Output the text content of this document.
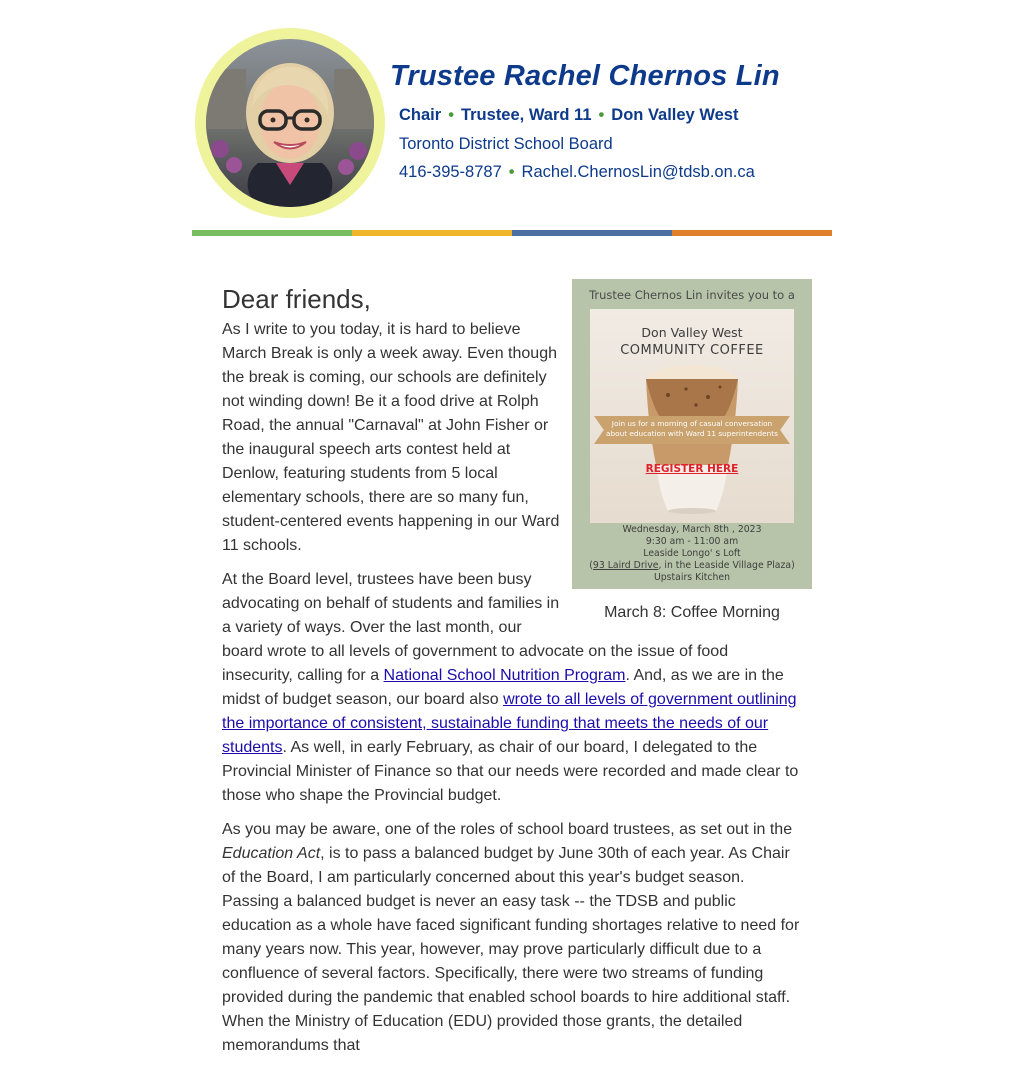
Trustee Rachel Chernos Lin
Chair • Trustee, Ward 11 • Don Valley West
Toronto District School Board
416-395-8787 • Rachel.ChernosLin@tdsb.on.ca
Trustee Chernos Lin invites you to a
Don Valley West
COMMUNITY COFFEE
Join us for a morning of casual conversation
about education with Ward 11 superintendents
REGISTER HERE
Wednesday, March 8th , 2023
9:30 am - 11:00 am
Leaside Longo' s Loft
(93 Laird Drive, in the Leaside Village Plaza)
Upstairs Kitchen
March 8: Coffee Morning
Dear friends,

As I write to you today, it is hard to believe March Break is only a week away. Even though the break is coming, our schools are definitely not winding down! Be it a food drive at Rolph Road, the annual "Carnaval" at John Fisher or the inaugural speech arts contest held at Denlow, featuring students from 5 local elementary schools, there are so many fun, student-centered events happening in our Ward 11 schools.

At the Board level, trustees have been busy advocating on behalf of students and families in a variety of ways. Over the last month, our board wrote to all levels of government to advocate on the issue of food insecurity, calling for a National School Nutrition Program. And, as we are in the midst of budget season, our board also wrote to all levels of government outlining the importance of consistent, sustainable funding that meets the needs of our students. As well, in early February, as chair of our board, I delegated to the Provincial Minister of Finance so that our needs were recorded and made clear to those who shape the Provincial budget.

As you may be aware, one of the roles of school board trustees, as set out in the Education Act, is to pass a balanced budget by June 30th of each year. As Chair of the Board, I am particularly concerned about this year's budget season. Passing a balanced budget is never an easy task -- the TDSB and public education as a whole have faced significant funding shortages relative to need for many years now. This year, however, may prove particularly difficult due to a confluence of several factors. Specifically, there were two streams of funding provided during the pandemic that enabled school boards to hire additional staff. When the Ministry of Education (EDU) provided those grants, the detailed memorandums that
